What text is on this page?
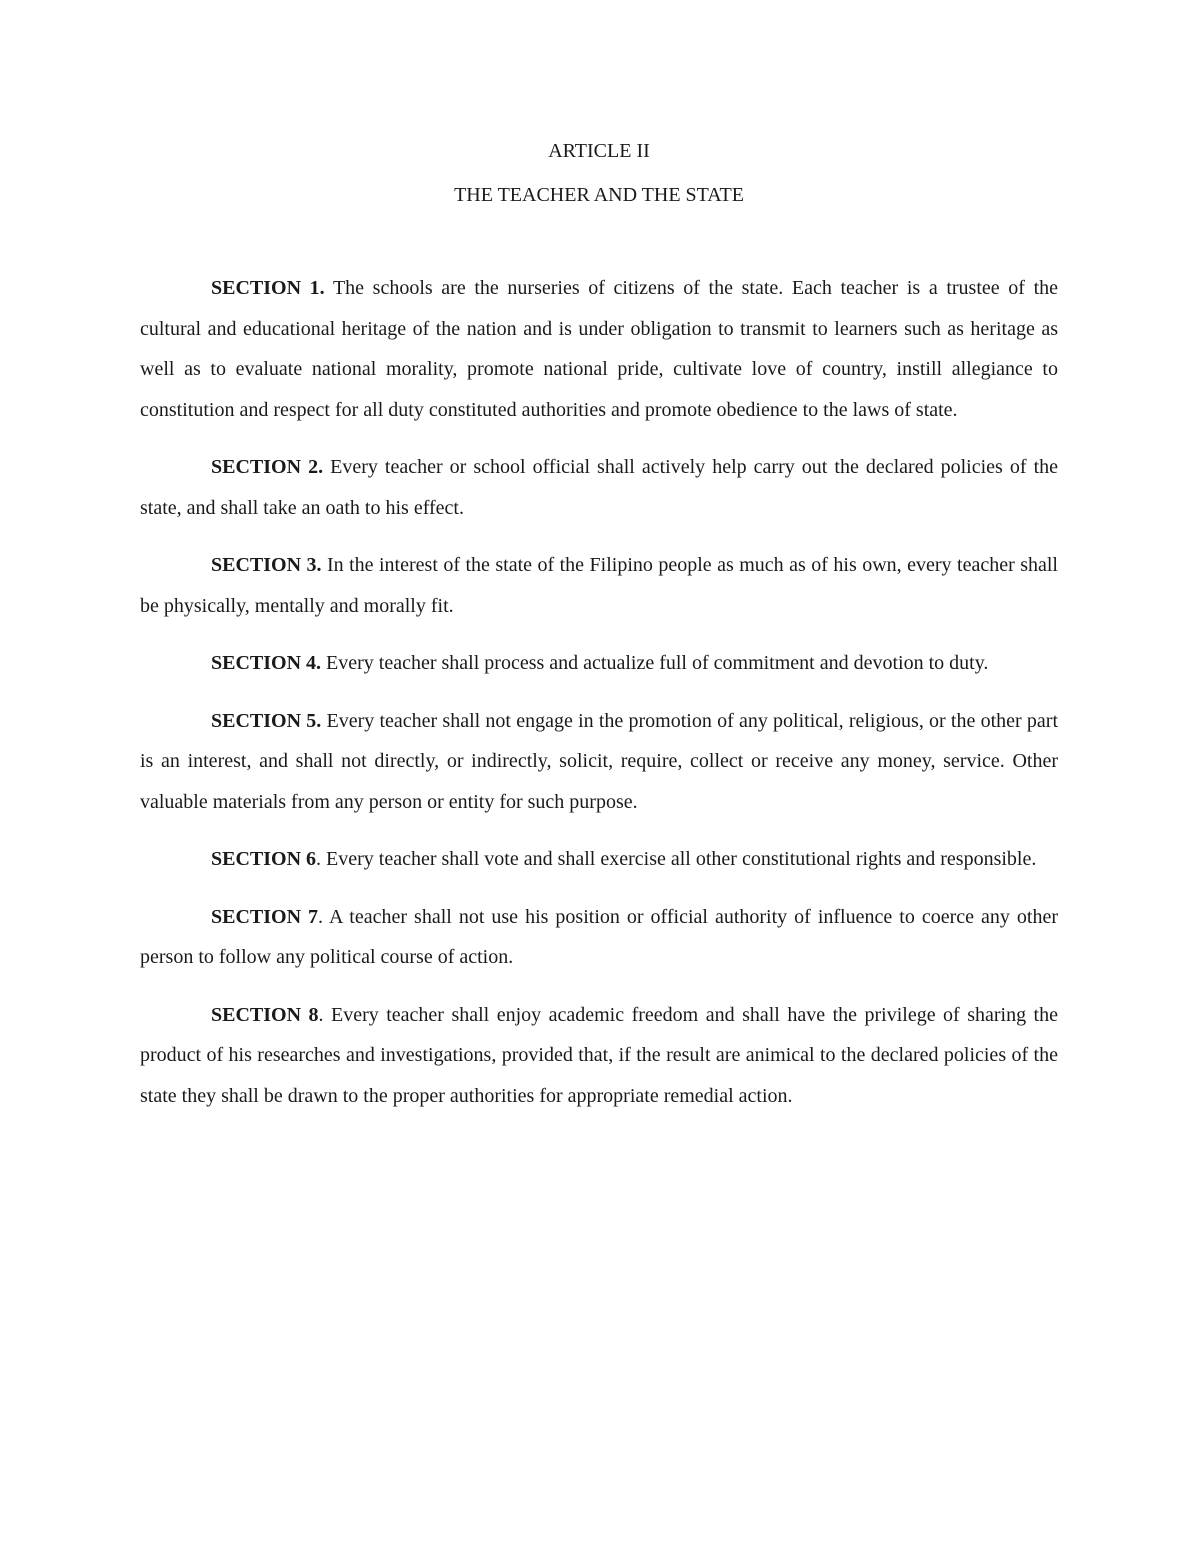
ARTICLE II

THE TEACHER AND THE STATE

SECTION 1. The schools are the nurseries of citizens of the state. Each teacher is a trustee of the cultural and educational heritage of the nation and is under obligation to transmit to learners such as heritage as well as to evaluate national morality, promote national pride, cultivate love of country, instill allegiance to constitution and respect for all duty constituted authorities and promote obedience to the laws of state.

SECTION 2. Every teacher or school official shall actively help carry out the declared policies of the state, and shall take an oath to his effect.

SECTION 3. In the interest of the state of the Filipino people as much as of his own, every teacher shall be physically, mentally and morally fit.

SECTION 4. Every teacher shall process and actualize full of commitment and devotion to duty.

SECTION 5. Every teacher shall not engage in the promotion of any political, religious, or the other part is an interest, and shall not directly, or indirectly, solicit, require, collect or receive any money, service. Other valuable materials from any person or entity for such purpose.

SECTION 6. Every teacher shall vote and shall exercise all other constitutional rights and responsible.

SECTION 7. A teacher shall not use his position or official authority of influence to coerce any other person to follow any political course of action.

SECTION 8. Every teacher shall enjoy academic freedom and shall have the privilege of sharing the product of his researches and investigations, provided that, if the result are animical to the declared policies of the state they shall be drawn to the proper authorities for appropriate remedial action.
